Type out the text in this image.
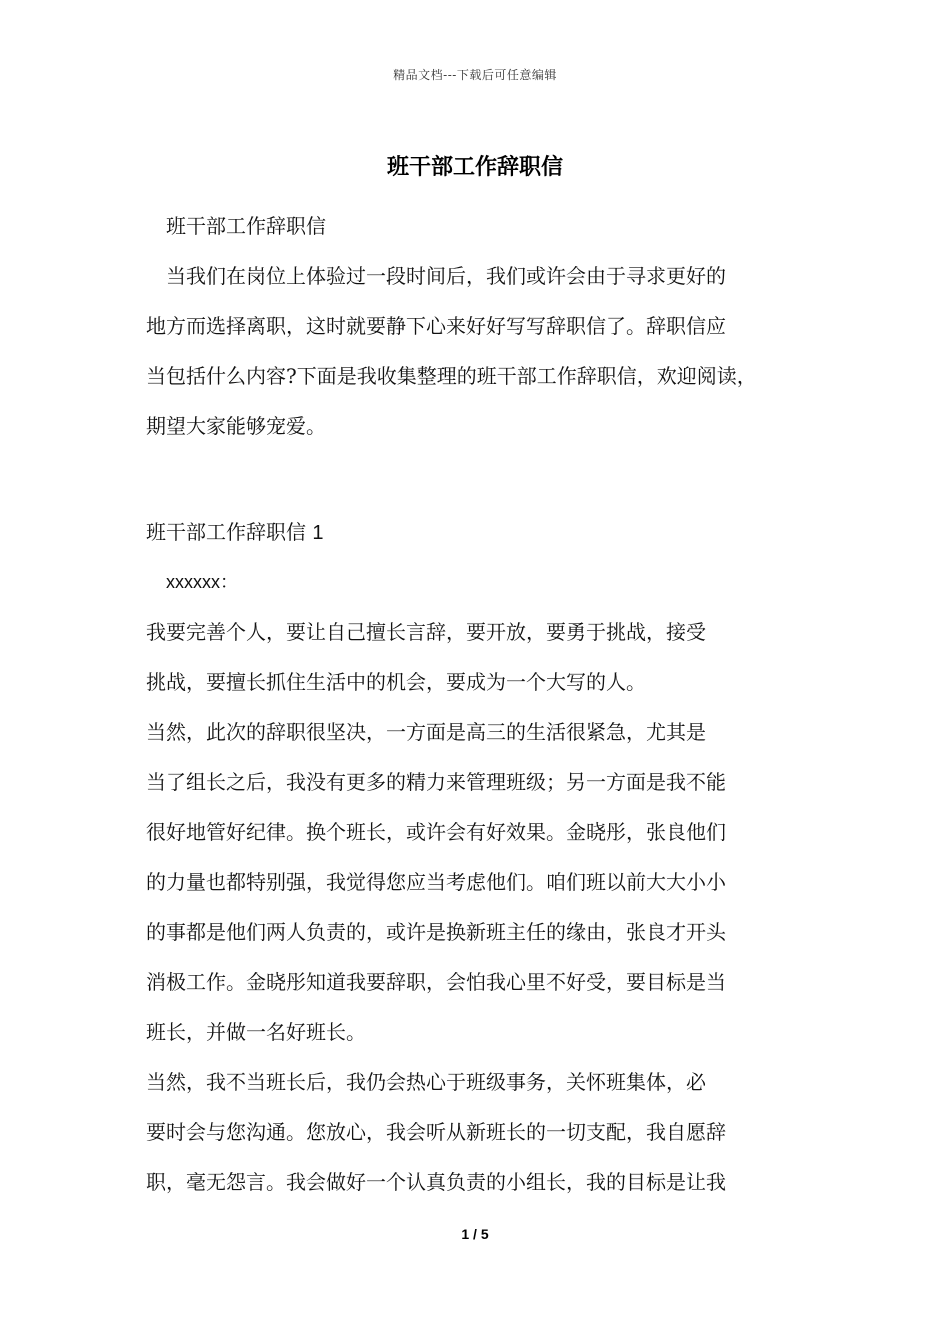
精品文档---下载后可任意编辑
班干部工作辞职信
班干部工作辞职信
　当我们在岗位上体验过一段时间后，我们或许会由于寻求更好的
地方而选择离职，这时就要静下心来好好写写辞职信了。辞职信应
当包括什么内容?下面是我收集整理的班干部工作辞职信，欢迎阅读，
期望大家能够宠爱。
班干部工作辞职信 1
xxxxxx：
我要完善个人，要让自己擅长言辞，要开放，要勇于挑战，接受
挑战，要擅长抓住生活中的机会，要成为一个大写的人。
当然，此次的辞职很坚决，一方面是高三的生活很紧急，尤其是
当了组长之后，我没有更多的精力来管理班级；另一方面是我不能
很好地管好纪律。换个班长，或许会有好效果。金晓彤，张良他们
的力量也都特别强，我觉得您应当考虑他们。咱们班以前大大小小
的事都是他们两人负责的，或许是换新班主任的缘由，张良才开头
消极工作。金晓彤知道我要辞职，会怕我心里不好受，要目标是当
班长，并做一名好班长。
当然，我不当班长后，我仍会热心于班级事务，关怀班集体，必
要时会与您沟通。您放心，我会听从新班长的一切支配，我自愿辞
职，毫无怨言。我会做好一个认真负责的小组长，我的目标是让我
1 / 5
